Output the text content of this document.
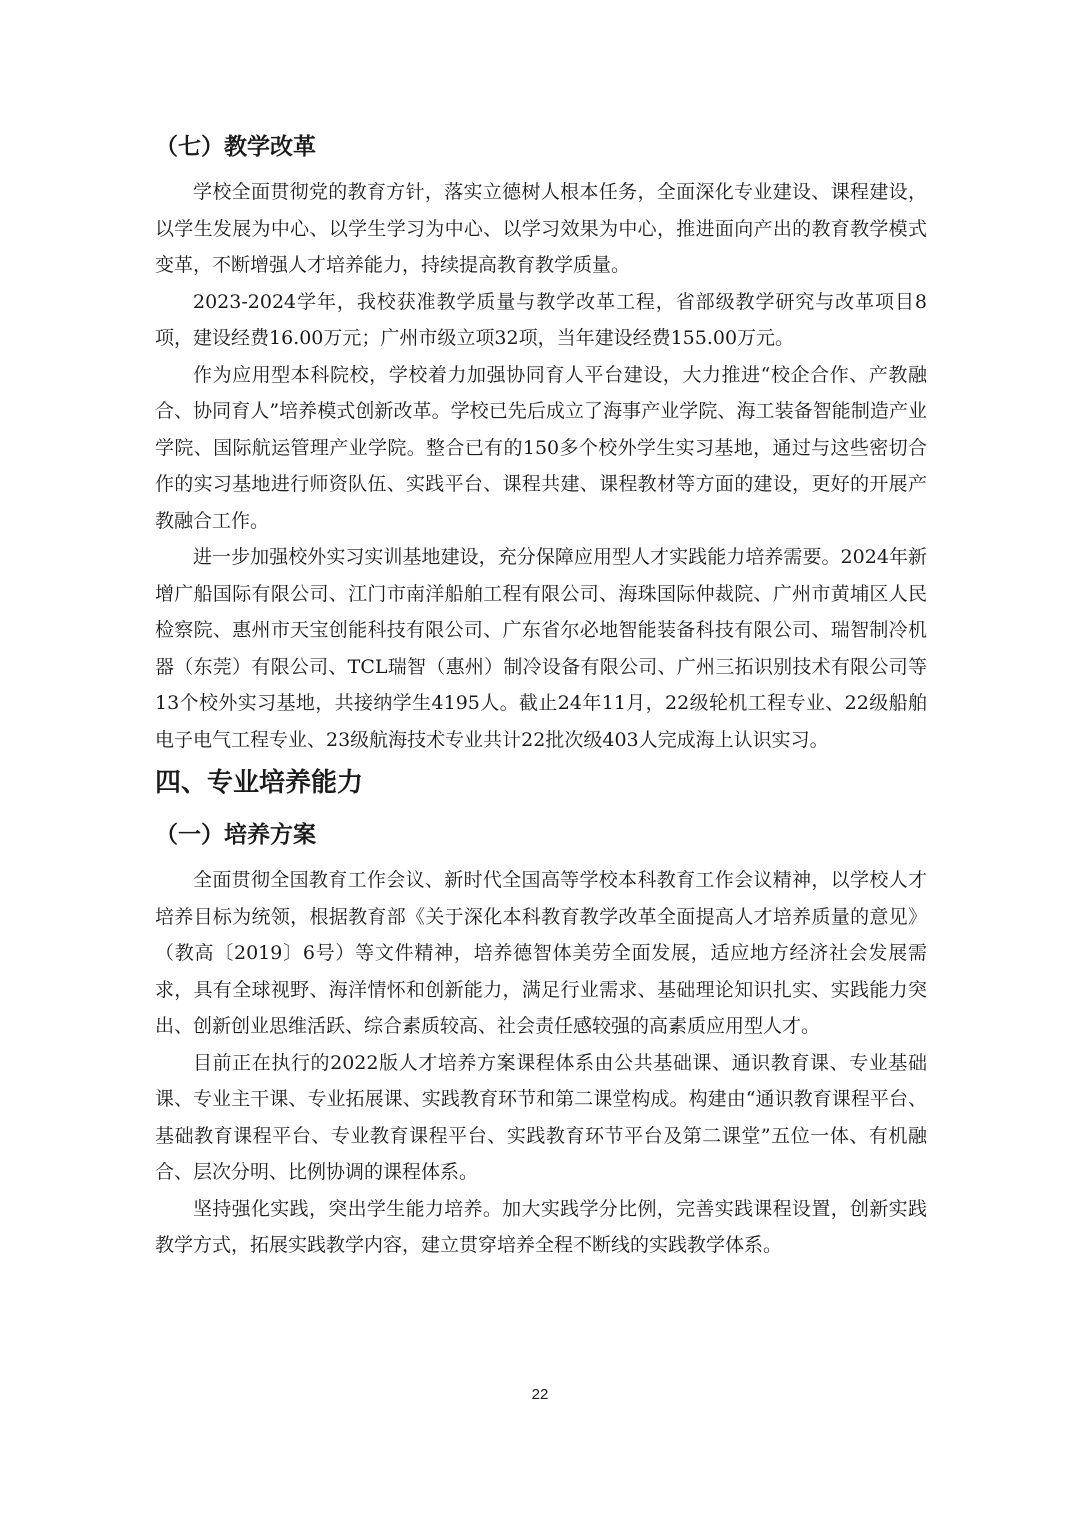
（七）教学改革

学校全面贯彻党的教育方针，落实立德树人根本任务，全面深化专业建设、课程建设，以学生发展为中心、以学生学习为中心、以学习效果为中心，推进面向产出的教育教学模式变革，不断增强人才培养能力，持续提高教育教学质量。

2023-2024学年，我校获准教学质量与教学改革工程，省部级教学研究与改革项目8项，建设经费16.00万元；广州市级立项32项，当年建设经费155.00万元。

作为应用型本科院校，学校着力加强协同育人平台建设，大力推进“校企合作、产教融合、协同育人”培养模式创新改革。学校已先后成立了海事产业学院、海工装备智能制造产业学院、国际航运管理产业学院。整合已有的150多个校外学生实习基地，通过与这些密切合作的实习基地进行师资队伍、实践平台、课程共建、课程教材等方面的建设，更好的开展产教融合工作。

进一步加强校外实习实训基地建设，充分保障应用型人才实践能力培养需要。2024年新增广船国际有限公司、江门市南洋船舶工程有限公司、海珠国际仲裁院、广州市黄埔区人民检察院、惠州市天宝创能科技有限公司、广东省尔必地智能装备科技有限公司、瑞智制冷机器（东莞）有限公司、TCL瑞智（惠州）制冷设备有限公司、广州三拓识别技术有限公司等13个校外实习基地，共接纳学生4195人。截止24年11月，22级轮机工程专业、22级船舶电子电气工程专业、23级航海技术专业共计22批次级403人完成海上认识实习。

四、专业培养能力
（一）培养方案

全面贯彻全国教育工作会议、新时代全国高等学校本科教育工作会议精神，以学校人才培养目标为统领，根据教育部《关于深化本科教育教学改革全面提高人才培养质量的意见》（教高〔2019〕6号）等文件精神，培养德智体美劳全面发展，适应地方经济社会发展需求，具有全球视野、海洋情怀和创新能力，满足行业需求、基础理论知识扎实、实践能力突出、创新创业思维活跃、综合素质较高、社会责任感较强的高素质应用型人才。

目前正在执行的2022版人才培养方案课程体系由公共基础课、通识教育课、专业基础课、专业主干课、专业拓展课、实践教育环节和第二课堂构成。构建由“通识教育课程平台、基础教育课程平台、专业教育课程平台、实践教育环节平台及第二课堂”五位一体、有机融合、层次分明、比例协调的课程体系。

坚持强化实践，突出学生能力培养。加大实践学分比例，完善实践课程设置，创新实践教学方式，拓展实践教学内容，建立贯穿培养全程不断线的实践教学体系。

22
